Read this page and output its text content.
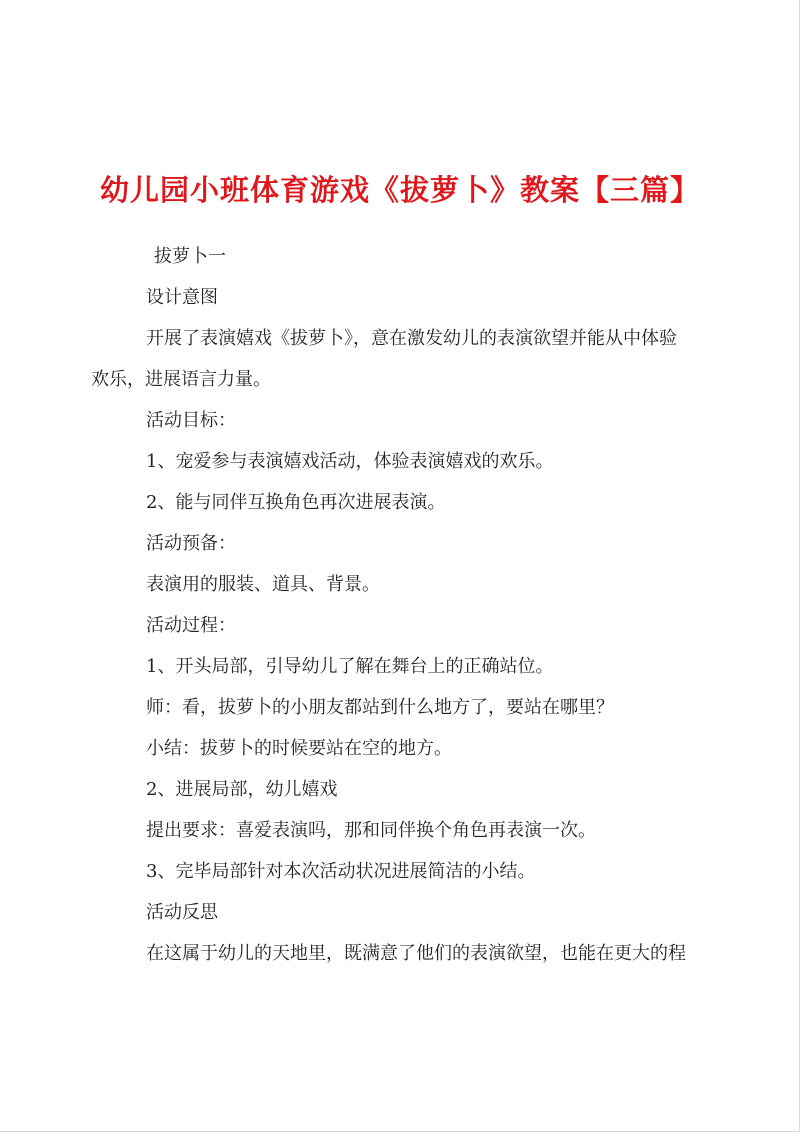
幼儿园小班体育游戏《拔萝卜》教案【三篇】

拔萝卜一

设计意图

开展了表演嬉戏《拔萝卜》，意在激发幼儿的表演欲望并能从中体验

欢乐，进展语言力量。

活动目标：

1、宠爱参与表演嬉戏活动，体验表演嬉戏的欢乐。

2、能与同伴互换角色再次进展表演。

活动预备：

表演用的服装、道具、背景。

活动过程：

1、开头局部，引导幼儿了解在舞台上的正确站位。

师：看，拔萝卜的小朋友都站到什么地方了，要站在哪里？

小结：拔萝卜的时候要站在空的地方。

2、进展局部，幼儿嬉戏

提出要求：喜爱表演吗，那和同伴换个角色再表演一次。

3、完毕局部针对本次活动状况进展简洁的小结。

活动反思

在这属于幼儿的天地里，既满意了他们的表演欲望，也能在更大的程
